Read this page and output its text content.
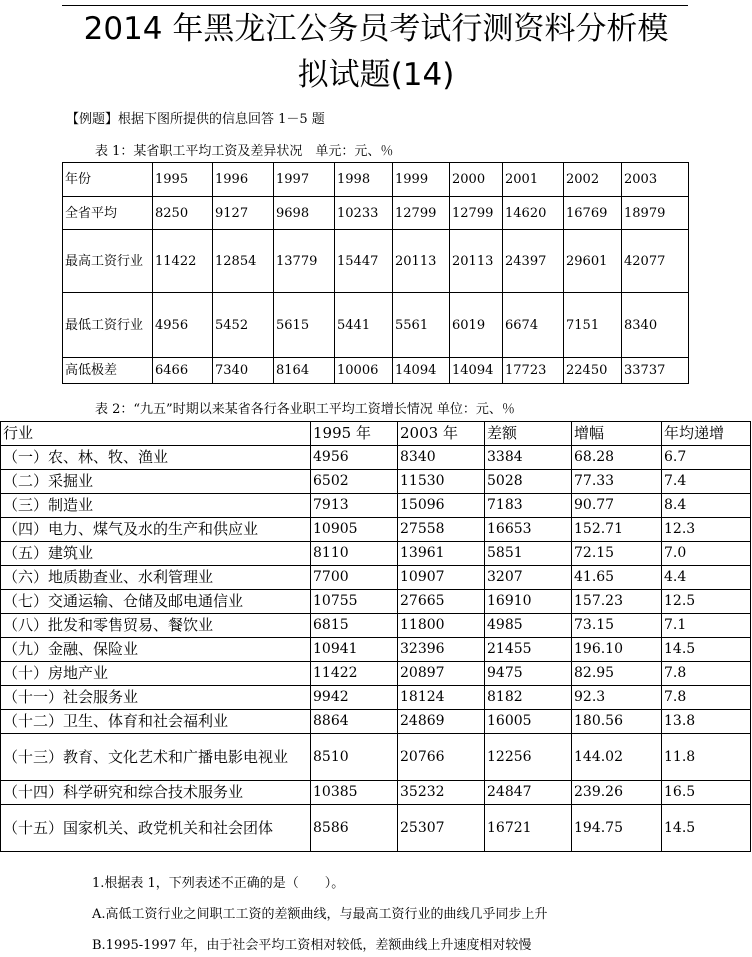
2014 年黑龙江公务员考试行测资料分析模
拟试题(14)
【例题】根据下图所提供的信息回答 1－5 题
表 1：某省职工平均工资及差异状况　单元：元、％
年份	1995	1996	1997	1998	1999	2000	2001	2002	2003
全省平均	8250	9127	9698	10233	12799	12799	14620	16769	18979
最高工资行业	11422	12854	13779	15447	20113	20113	24397	29601	42077
最低工资行业	4956	5452	5615	5441	5561	6019	6674	7151	8340
高低极差	6466	7340	8164	10006	14094	14094	17723	22450	33737
表 2：“九五”时期以来某省各行各业职工平均工资增长情况 单位：元、％
行业	1995 年	2003 年	差额	增幅	年均递增
（一）农、林、牧、渔业	4956	8340	3384	68.28	6.7
（二）采掘业	6502	11530	5028	77.33	7.4
（三）制造业	7913	15096	7183	90.77	8.4
（四）电力、煤气及水的生产和供应业	10905	27558	16653	152.71	12.3
（五）建筑业	8110	13961	5851	72.15	7.0
（六）地质勘查业、水利管理业	7700	10907	3207	41.65	4.4
（七）交通运输、仓储及邮电通信业	10755	27665	16910	157.23	12.5
（八）批发和零售贸易、餐饮业	6815	11800	4985	73.15	7.1
（九）金融、保险业	10941	32396	21455	196.10	14.5
（十）房地产业	11422	20897	9475	82.95	7.8
（十一）社会服务业	9942	18124	8182	92.3	7.8
（十二）卫生、体育和社会福利业	8864	24869	16005	180.56	13.8
（十三）教育、文化艺术和广播电影电视业	8510	20766	12256	144.02	11.8
（十四）科学研究和综合技术服务业	10385	35232	24847	239.26	16.5
（十五）国家机关、政党机关和社会团体	8586	25307	16721	194.75	14.5
1.根据表 1，下列表述不正确的是（　　）。
A.高低工资行业之间职工工资的差额曲线，与最高工资行业的曲线几乎同步上升
B.1995-1997 年，由于社会平均工资相对较低，差额曲线上升速度相对较慢
